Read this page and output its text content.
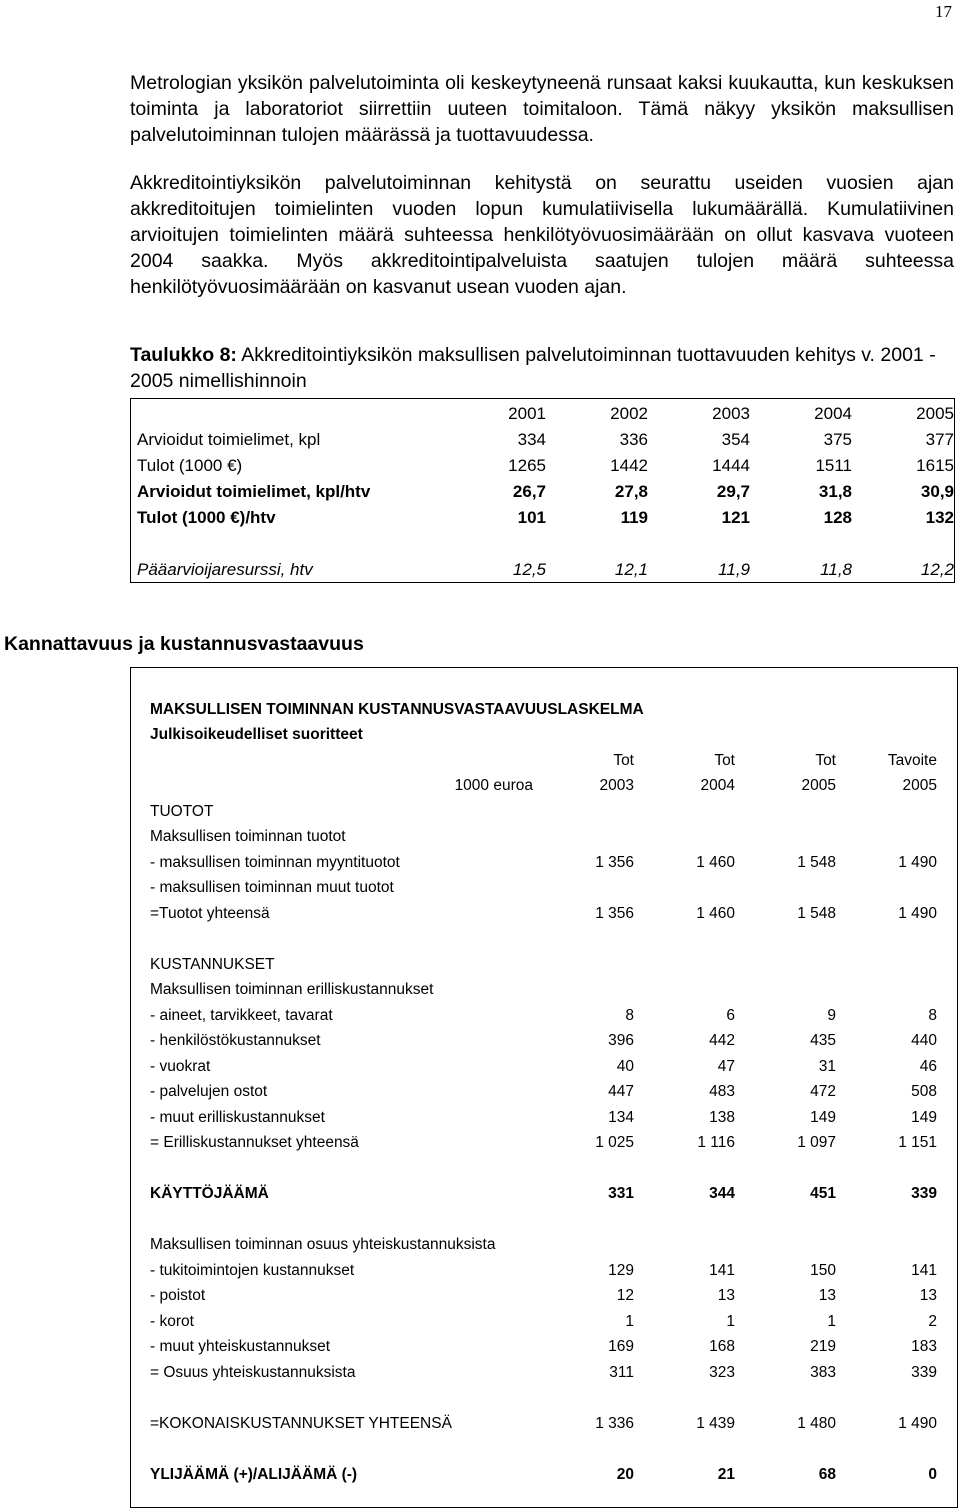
17

Metrologian yksikön palvelutoiminta oli keskeytyneenä runsaat kaksi kuukautta, kun keskuksen toiminta ja laboratoriot siirrettiin uuteen toimitaloon. Tämä näkyy yksikön maksullisen palvelutoiminnan tulojen määrässä ja tuottavuudessa.

Akkreditointiyksikön palvelutoiminnan kehitystä on seurattu useiden vuosien ajan akkreditoitujen toimielinten vuoden lopun kumulatiivisella lukumäärällä. Kumulatiivinen arvioitujen toimielinten määrä suhteessa henkilötyövuosimäärään on ollut kasvava vuoteen 2004 saakka. Myös akkreditointipalveluista saatujen tulojen määrä suhteessa henkilötyövuosimäärään on kasvanut usean vuoden ajan.

Taulukko 8: Akkreditointiyksikön maksullisen palvelutoiminnan tuottavuuden kehitys v. 2001 - 2005 nimellishinnoin

	2001	2002	2003	2004	2005
Arvioidut toimielimet, kpl	334	336	354	375	377
Tulot (1000 €)	1265	1442	1444	1511	1615
Arvioidut toimielimet, kpl/htv	26,7	27,8	29,7	31,8	30,9
Tulot (1000 €)/htv	101	119	121	128	132

Pääarvioijaresurssi, htv	12,5	12,1	11,9	11,8	12,2
Kannattavuus ja kustannusvastaavuus
MAKSULLISEN TOIMINNAN KUSTANNUSVASTAAVUUSLASKELMA					
Julkisoikeudelliset suoritteet					
		Tot	Tot	Tot	Tavoite
	1000 euroa	2003	2004	2005	2005
TUOTOT					
Maksullisen toiminnan tuotot					
- maksullisen toiminnan myyntituotot		1 356	1 460	1 548	1 490
- maksullisen toiminnan muut tuotot					
=Tuotot yhteensä		1 356	1 460	1 548	1 490

KUSTANNUKSET					
Maksullisen toiminnan erilliskustannukset					
- aineet, tarvikkeet, tavarat		8	6	9	8
- henkilöstökustannukset		396	442	435	440
- vuokrat		40	47	31	46
- palvelujen ostot		447	483	472	508
- muut erilliskustannukset		134	138	149	149
= Erilliskustannukset yhteensä		1 025	1 116	1 097	1 151

KÄYTTÖJÄÄMÄ		331	344	451	339

Maksullisen toiminnan osuus yhteiskustannuksista					
- tukitoimintojen kustannukset		129	141	150	141
- poistot		12	13	13	13
- korot		1	1	1	2
- muut yhteiskustannukset		169	168	219	183
= Osuus yhteiskustannuksista		311	323	383	339

=KOKONAISKUSTANNUKSET YHTEENSÄ		1 336	1 439	1 480	1 490

YLIJÄÄMÄ (+)/ALIJÄÄMÄ (-)		20	21	68	0
